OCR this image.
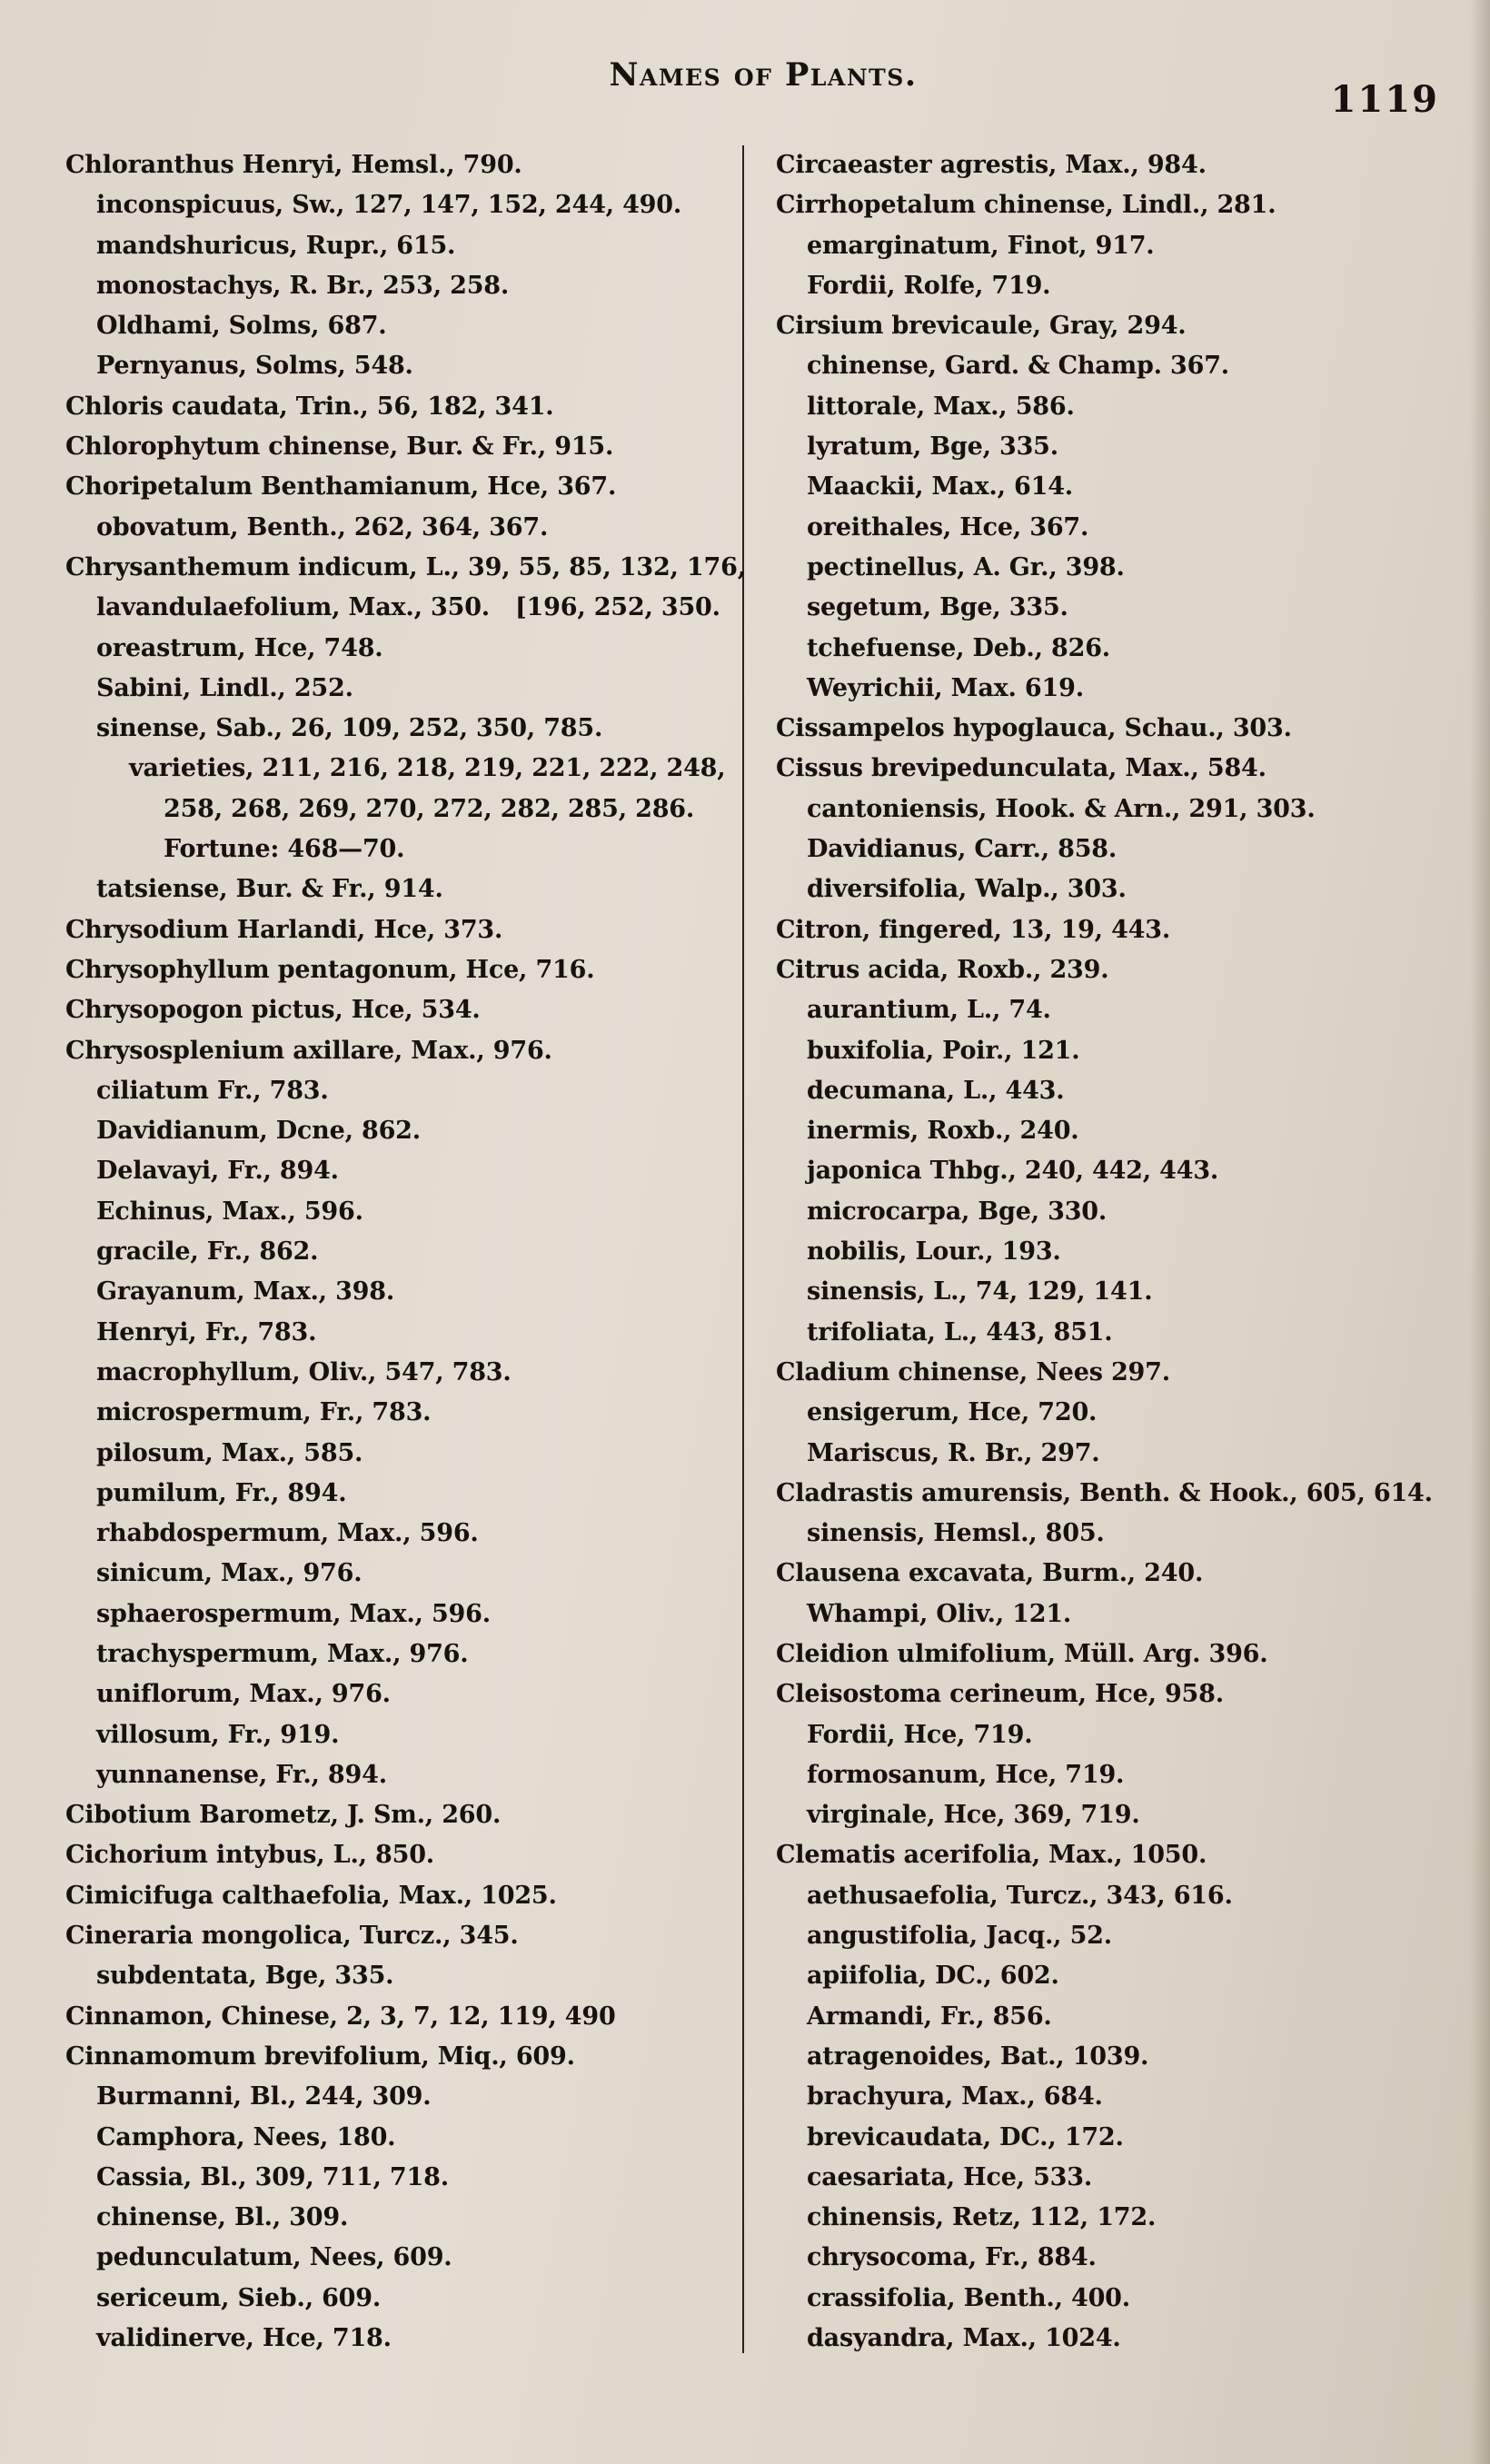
Names of Plants.
1119
Chloranthus Henryi, Hemsl., 790.
inconspicuus, Sw., 127, 147, 152, 244, 490.
mandshuricus, Rupr., 615.
monostachys, R. Br., 253, 258.
Oldhami, Solms, 687.
Pernyanus, Solms, 548.
Chloris caudata, Trin., 56, 182, 341.
Chlorophytum chinense, Bur. & Fr., 915.
Choripetalum Benthamianum, Hce, 367.
obovatum, Benth., 262, 364, 367.
Chrysanthemum indicum, L., 39, 55, 85, 132, 176,
lavandulaefolium, Max., 350. [196, 252, 350.
oreastrum, Hce, 748.
Sabini, Lindl., 252.
sinense, Sab., 26, 109, 252, 350, 785.
varieties, 211, 216, 218, 219, 221, 222, 248,
258, 268, 269, 270, 272, 282, 285, 286.
Fortune: 468—70.
tatsiense, Bur. & Fr., 914.
Chrysodium Harlandi, Hce, 373.
Chrysophyllum pentagonum, Hce, 716.
Chrysopogon pictus, Hce, 534.
Chrysosplenium axillare, Max., 976.
ciliatum Fr., 783.
Davidianum, Dcne, 862.
Delavayi, Fr., 894.
Echinus, Max., 596.
gracile, Fr., 862.
Grayanum, Max., 398.
Henryi, Fr., 783.
macrophyllum, Oliv., 547, 783.
microspermum, Fr., 783.
pilosum, Max., 585.
pumilum, Fr., 894.
rhabdospermum, Max., 596.
sinicum, Max., 976.
sphaerospermum, Max., 596.
trachyspermum, Max., 976.
uniflorum, Max., 976.
villosum, Fr., 919.
yunnanense, Fr., 894.
Cibotium Barometz, J. Sm., 260.
Cichorium intybus, L., 850.
Cimicifuga calthaefolia, Max., 1025.
Cineraria mongolica, Turcz., 345.
subdentata, Bge, 335.
Cinnamon, Chinese, 2, 3, 7, 12, 119, 490
Cinnamomum brevifolium, Miq., 609.
Burmanni, Bl., 244, 309.
Camphora, Nees, 180.
Cassia, Bl., 309, 711, 718.
chinense, Bl., 309.
pedunculatum, Nees, 609.
sericeum, Sieb., 609.
validinerve, Hce, 718.
Circaeaster agrestis, Max., 984.
Cirrhopetalum chinense, Lindl., 281.
emarginatum, Finot, 917.
Fordii, Rolfe, 719.
Cirsium brevicaule, Gray, 294.
chinense, Gard. & Champ. 367.
littorale, Max., 586.
lyratum, Bge, 335.
Maackii, Max., 614.
oreithales, Hce, 367.
pectinellus, A. Gr., 398.
segetum, Bge, 335.
tchefuense, Deb., 826.
Weyrichii, Max. 619.
Cissampelos hypoglauca, Schau., 303.
Cissus brevipedunculata, Max., 584.
cantoniensis, Hook. & Arn., 291, 303.
Davidianus, Carr., 858.
diversifolia, Walp., 303.
Citron, fingered, 13, 19, 443.
Citrus acida, Roxb., 239.
aurantium, L., 74.
buxifolia, Poir., 121.
decumana, L., 443.
inermis, Roxb., 240.
japonica Thbg., 240, 442, 443.
microcarpa, Bge, 330.
nobilis, Lour., 193.
sinensis, L., 74, 129, 141.
trifoliata, L., 443, 851.
Cladium chinense, Nees 297.
ensigerum, Hce, 720.
Mariscus, R. Br., 297.
Cladrastis amurensis, Benth. & Hook., 605, 614.
sinensis, Hemsl., 805.
Clausena excavata, Burm., 240.
Whampi, Oliv., 121.
Cleidion ulmifolium, Müll. Arg. 396.
Cleisostoma cerineum, Hce, 958.
Fordii, Hce, 719.
formosanum, Hce, 719.
virginale, Hce, 369, 719.
Clematis acerifolia, Max., 1050.
aethusaefolia, Turcz., 343, 616.
angustifolia, Jacq., 52.
apiifolia, DC., 602.
Armandi, Fr., 856.
atragenoides, Bat., 1039.
brachyura, Max., 684.
brevicaudata, DC., 172.
caesariata, Hce, 533.
chinensis, Retz, 112, 172.
chrysocoma, Fr., 884.
crassifolia, Benth., 400.
dasyandra, Max., 1024.
